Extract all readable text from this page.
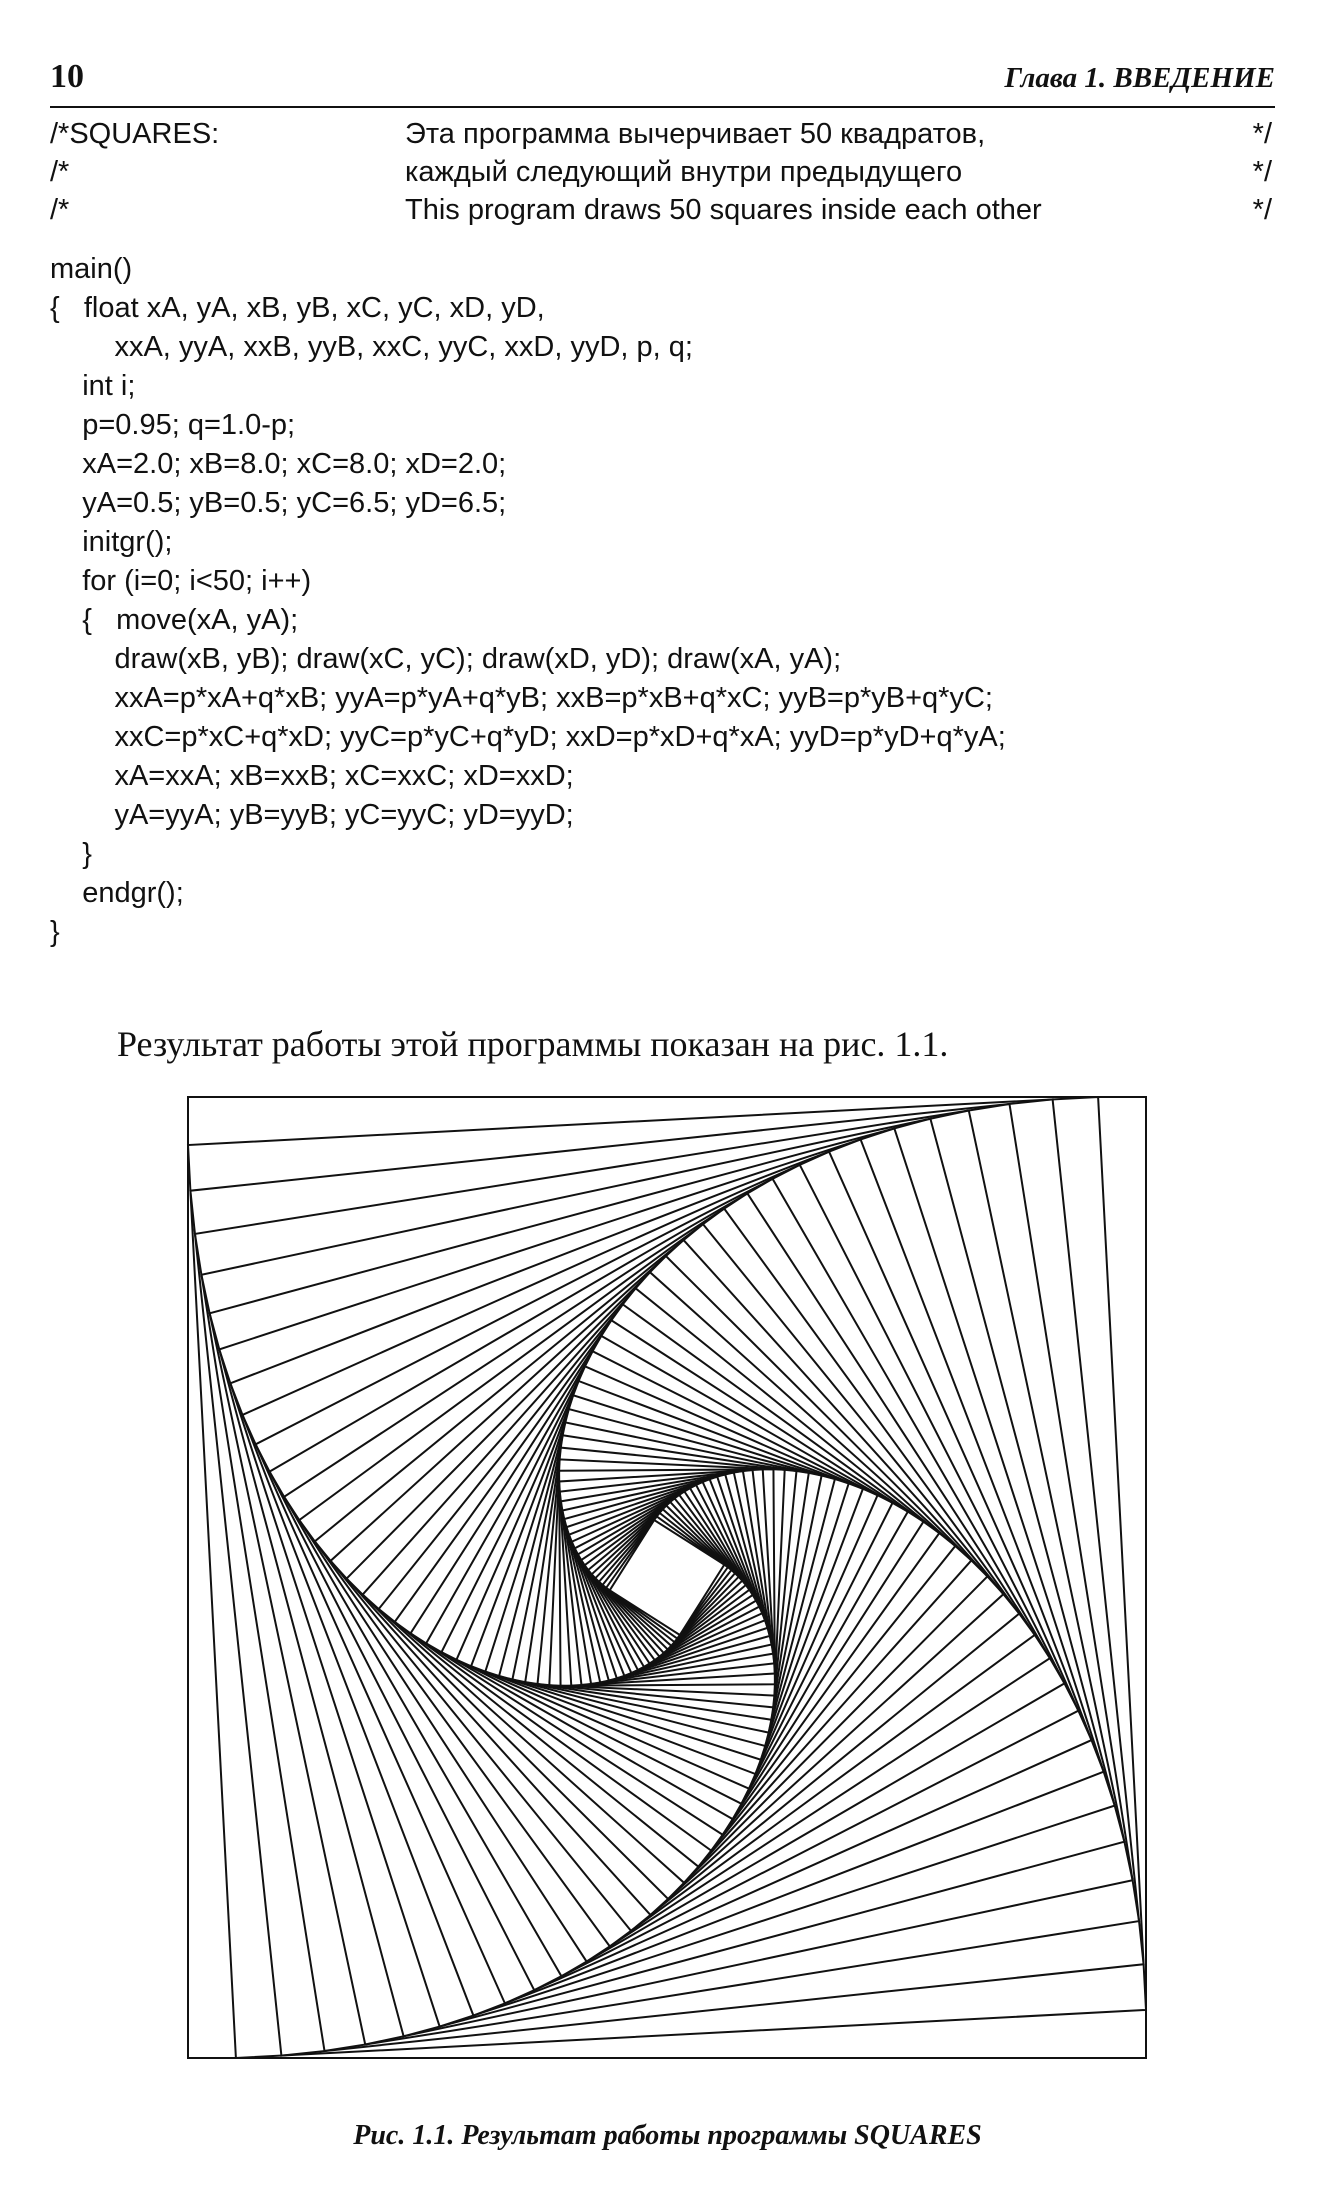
10	Глава 1. ВВЕДЕНИЕ
/*SQUARES:	Эта программа вычерчивает 50 квадратов,	*/
/*	каждый следующий внутри предыдущего	*/
/*	This program draws 50 squares inside each other	*/
main()
{   float xA, yA, xB, yB, xC, yC, xD, yD,
xxA, yyA, xxB, yyB, xxC, yyC, xxD, yyD, p, q;
int i;
p=0.95; q=1.0-p;
xA=2.0; xB=8.0; xC=8.0; xD=2.0;
yA=0.5; yB=0.5; yC=6.5; yD=6.5;
initgr();
for (i=0; i<50; i++)
{   move(xA, yA);
draw(xB, yB); draw(xC, yC); draw(xD, yD); draw(xA, yA);
xxA=p*xA+q*xB; yyA=p*yA+q*yB; xxB=p*xB+q*xC; yyB=p*yB+q*yC;
xxC=p*xC+q*xD; yyC=p*yC+q*yD; xxD=p*xD+q*xA; yyD=p*yD+q*yA;
xA=xxA; xB=xxB; xC=xxC; xD=xxD;
yA=yyA; yB=yyB; yC=yyC; yD=yyD;
}
endgr();
}
Результат работы этой программы показан на рис. 1.1.
Рис. 1.1. Результат работы программы SQUARES
